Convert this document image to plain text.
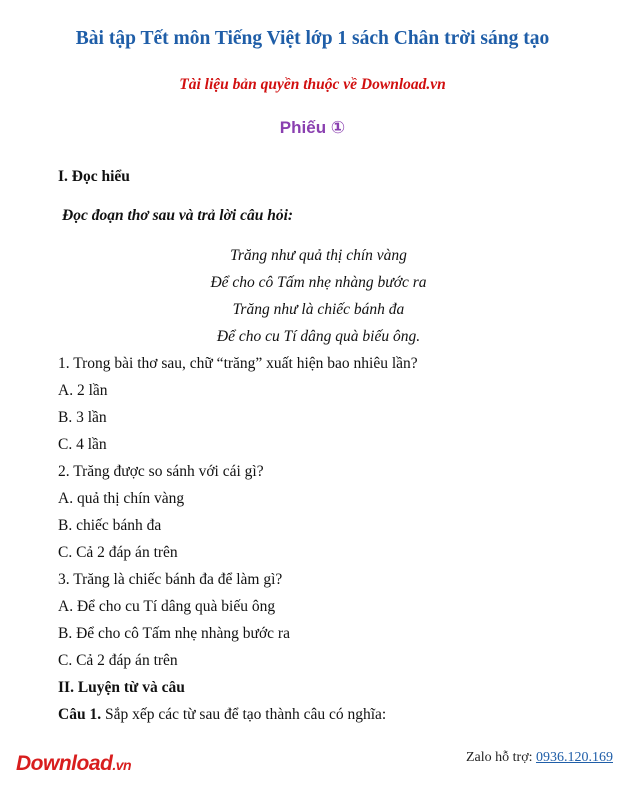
Bài tập Tết môn Tiếng Việt lớp 1 sách Chân trời sáng tạo
Tài liệu bản quyền thuộc về Download.vn
Phiếu ①
I. Đọc hiểu
Đọc đoạn thơ sau và trả lời câu hỏi:
Trăng như quả thị chín vàng
Để cho cô Tấm nhẹ nhàng bước ra
Trăng như là chiếc bánh đa
Để cho cu Tí dâng quà biếu ông.
1. Trong bài thơ sau, chữ “trăng” xuất hiện bao nhiêu lần?
A. 2 lần
B. 3 lần
C. 4 lần
2. Trăng được so sánh với cái gì?
A. quả thị chín vàng
B. chiếc bánh đa
C. Cả 2 đáp án trên
3. Trăng là chiếc bánh đa để làm gì?
A. Để cho cu Tí dâng quà biếu ông
B. Để cho cô Tấm nhẹ nhàng bước ra
C. Cả 2 đáp án trên
II. Luyện từ và câu
Câu 1. Sắp xếp các từ sau để tạo thành câu có nghĩa:
Download.vn	Zalo hỗ trợ: 0936.120.169
